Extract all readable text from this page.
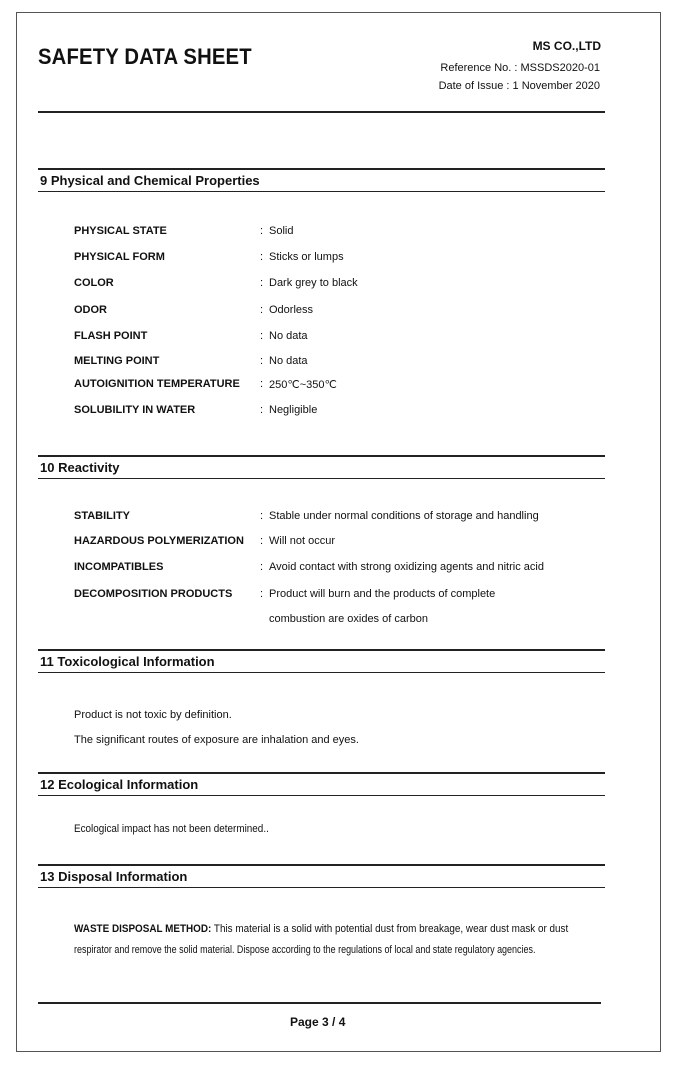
SAFETY DATA SHEET	MS CO.,LTD
Reference No. : MSSDS2020-01
Date of Issue : 1 November 2020
9 Physical and Chemical Properties
PHYSICAL STATE	: Solid
PHYSICAL FORM	: Sticks or lumps
COLOR	: Dark grey to black
ODOR	: Odorless
FLASH POINT	: No data
MELTING POINT	: No data
AUTOIGNITION TEMPERATURE : 250℃~350℃
SOLUBILITY IN WATER	: Negligible
10 Reactivity
STABILITY	: Stable under normal conditions of storage and handling
HAZARDOUS POLYMERIZATION : Will not occur
INCOMPATIBLES	: Avoid contact with strong oxidizing agents and nitric acid
DECOMPOSITION PRODUCTS	: Product will burn and the products of complete
combustion are oxides of carbon
11 Toxicological Information
Product is not toxic by definition.
The significant routes of exposure are inhalation and eyes.
12 Ecological Information
Ecological impact has not been determined..
13 Disposal Information
WASTE DISPOSAL METHOD: This material is a solid with potential dust from breakage, wear dust mask or dust
respirator and remove the solid material. Dispose according to the regulations of local and state regulatory agencies.
Page 3 / 4
